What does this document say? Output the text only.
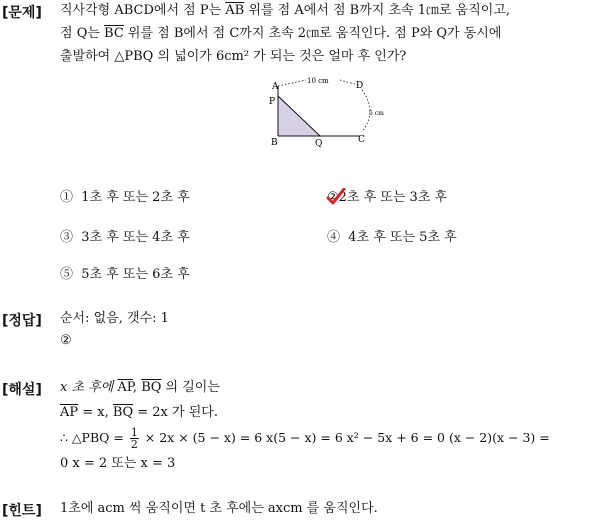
[문제] 직사각형 ABCD에서 점 P는 $\overline{AB}$ 위를 점 A에서 점 B까지 초속 1㎝로 움직이고,
점 Q는 $\overline{BC}$ 위를 점 B에서 점 C까지 초속 2㎝로 움직인다. 점 P와 Q가 동시에
출발하여 △PBQ 의 넓이가 6cm² 가 되는 것은 얼마 후 인가?
A	D
P
B	Q	C
10 cm
5 cm
① 1초 후 또는 2초 후	②
2초 후 또는 3초 후
③ 3초 후 또는 4초 후	④ 4초 후 또는 5초 후
⑤ 5초 후 또는 6초 후
[정답] 순서: 없음, 갯수: 1
②
[해설] x 초 후에 $\overline{AP}$, $\overline{BQ}$ 의 길이는
$\overline{AP} = x$, $\overline{BQ} = 2x$ 가 된다.
∴ △PBQ = $\frac{1}{2} \times 2x \times (5 - x) = 6$ x(5 − x) = 6 x² − 5x + 6 = 0 (x − 2)(x − 3) =
0 x = 2 또는 x = 3
[힌트] 1초에 acm 씩 움직이면 t 초 후에는 axcm 를 움직인다.
